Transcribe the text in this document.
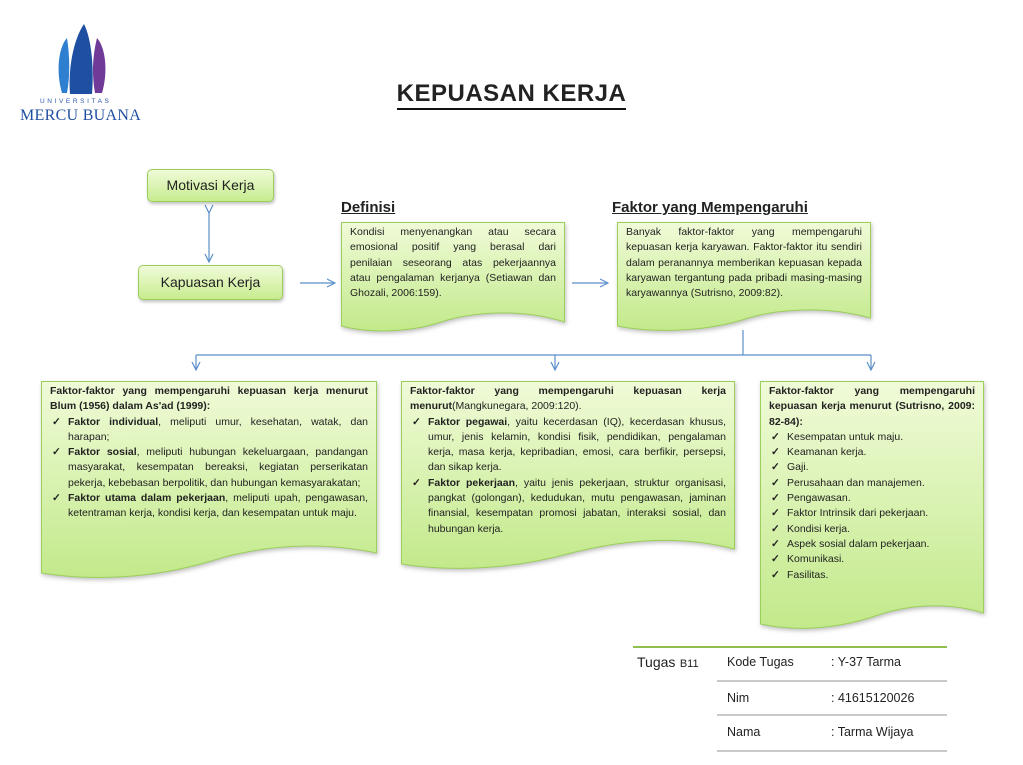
UNIVERSITAS
MERCU BUANA
KEPUASAN KERJA
Motivasi Kerja
Kapuasan Kerja
Definisi	Faktor yang Mempengaruhi
Kondisi menyenangkan atau secara emosional positif yang berasal dari penilaian seseorang atas pekerjaannya atau pengalaman kerjanya (Setiawan dan Ghozali, 2006:159).
Banyak faktor-faktor yang mempengaruhi kepuasan kerja karyawan. Faktor-faktor itu sendiri dalam peranannya memberikan kepuasan kepada karyawan tergantung pada pribadi masing-masing karyawannya (Sutrisno, 2009:82).
Faktor-faktor yang mempengaruhi kepuasan kerja menurut Blum (1956) dalam As'ad (1999):
✓ Faktor individual, meliputi umur, kesehatan, watak, dan harapan;
✓ Faktor sosial, meliputi hubungan kekeluargaan, pandangan masyarakat, kesempatan bereaksi, kegiatan perserikatan pekerja, kebebasan berpolitik, dan hubungan kemasyarakatan;
✓ Faktor utama dalam pekerjaan, meliputi upah, pengawasan, ketentraman kerja, kondisi kerja, dan kesempatan untuk maju.
Faktor-faktor yang mempengaruhi kepuasan kerja menurut(Mangkunegara, 2009:120).
✓ Faktor pegawai, yaitu kecerdasan (IQ), kecerdasan khusus, umur, jenis kelamin, kondisi fisik, pendidikan, pengalaman kerja, masa kerja, kepribadian, emosi, cara berfikir, persepsi, dan sikap kerja.
✓ Faktor pekerjaan, yaitu jenis pekerjaan, struktur organisasi, pangkat (golongan), kedudukan, mutu pengawasan, jaminan finansial, kesempatan promosi jabatan, interaksi sosial, dan hubungan kerja.
Faktor-faktor yang mempengaruhi kepuasan kerja menurut (Sutrisno, 2009: 82-84):
✓ Kesempatan untuk maju.
✓ Keamanan kerja.
✓ Gaji.
✓ Perusahaan dan manajemen.
✓ Pengawasan.
✓ Faktor Intrinsik dari pekerjaan.
✓ Kondisi kerja.
✓ Aspek sosial dalam pekerjaan.
✓ Komunikasi.
✓ Fasilitas.
Tugas B11 Kode Tugas	: Y-37 Tarma
Nim	: 41615120026
Nama	: Tarma Wijaya
